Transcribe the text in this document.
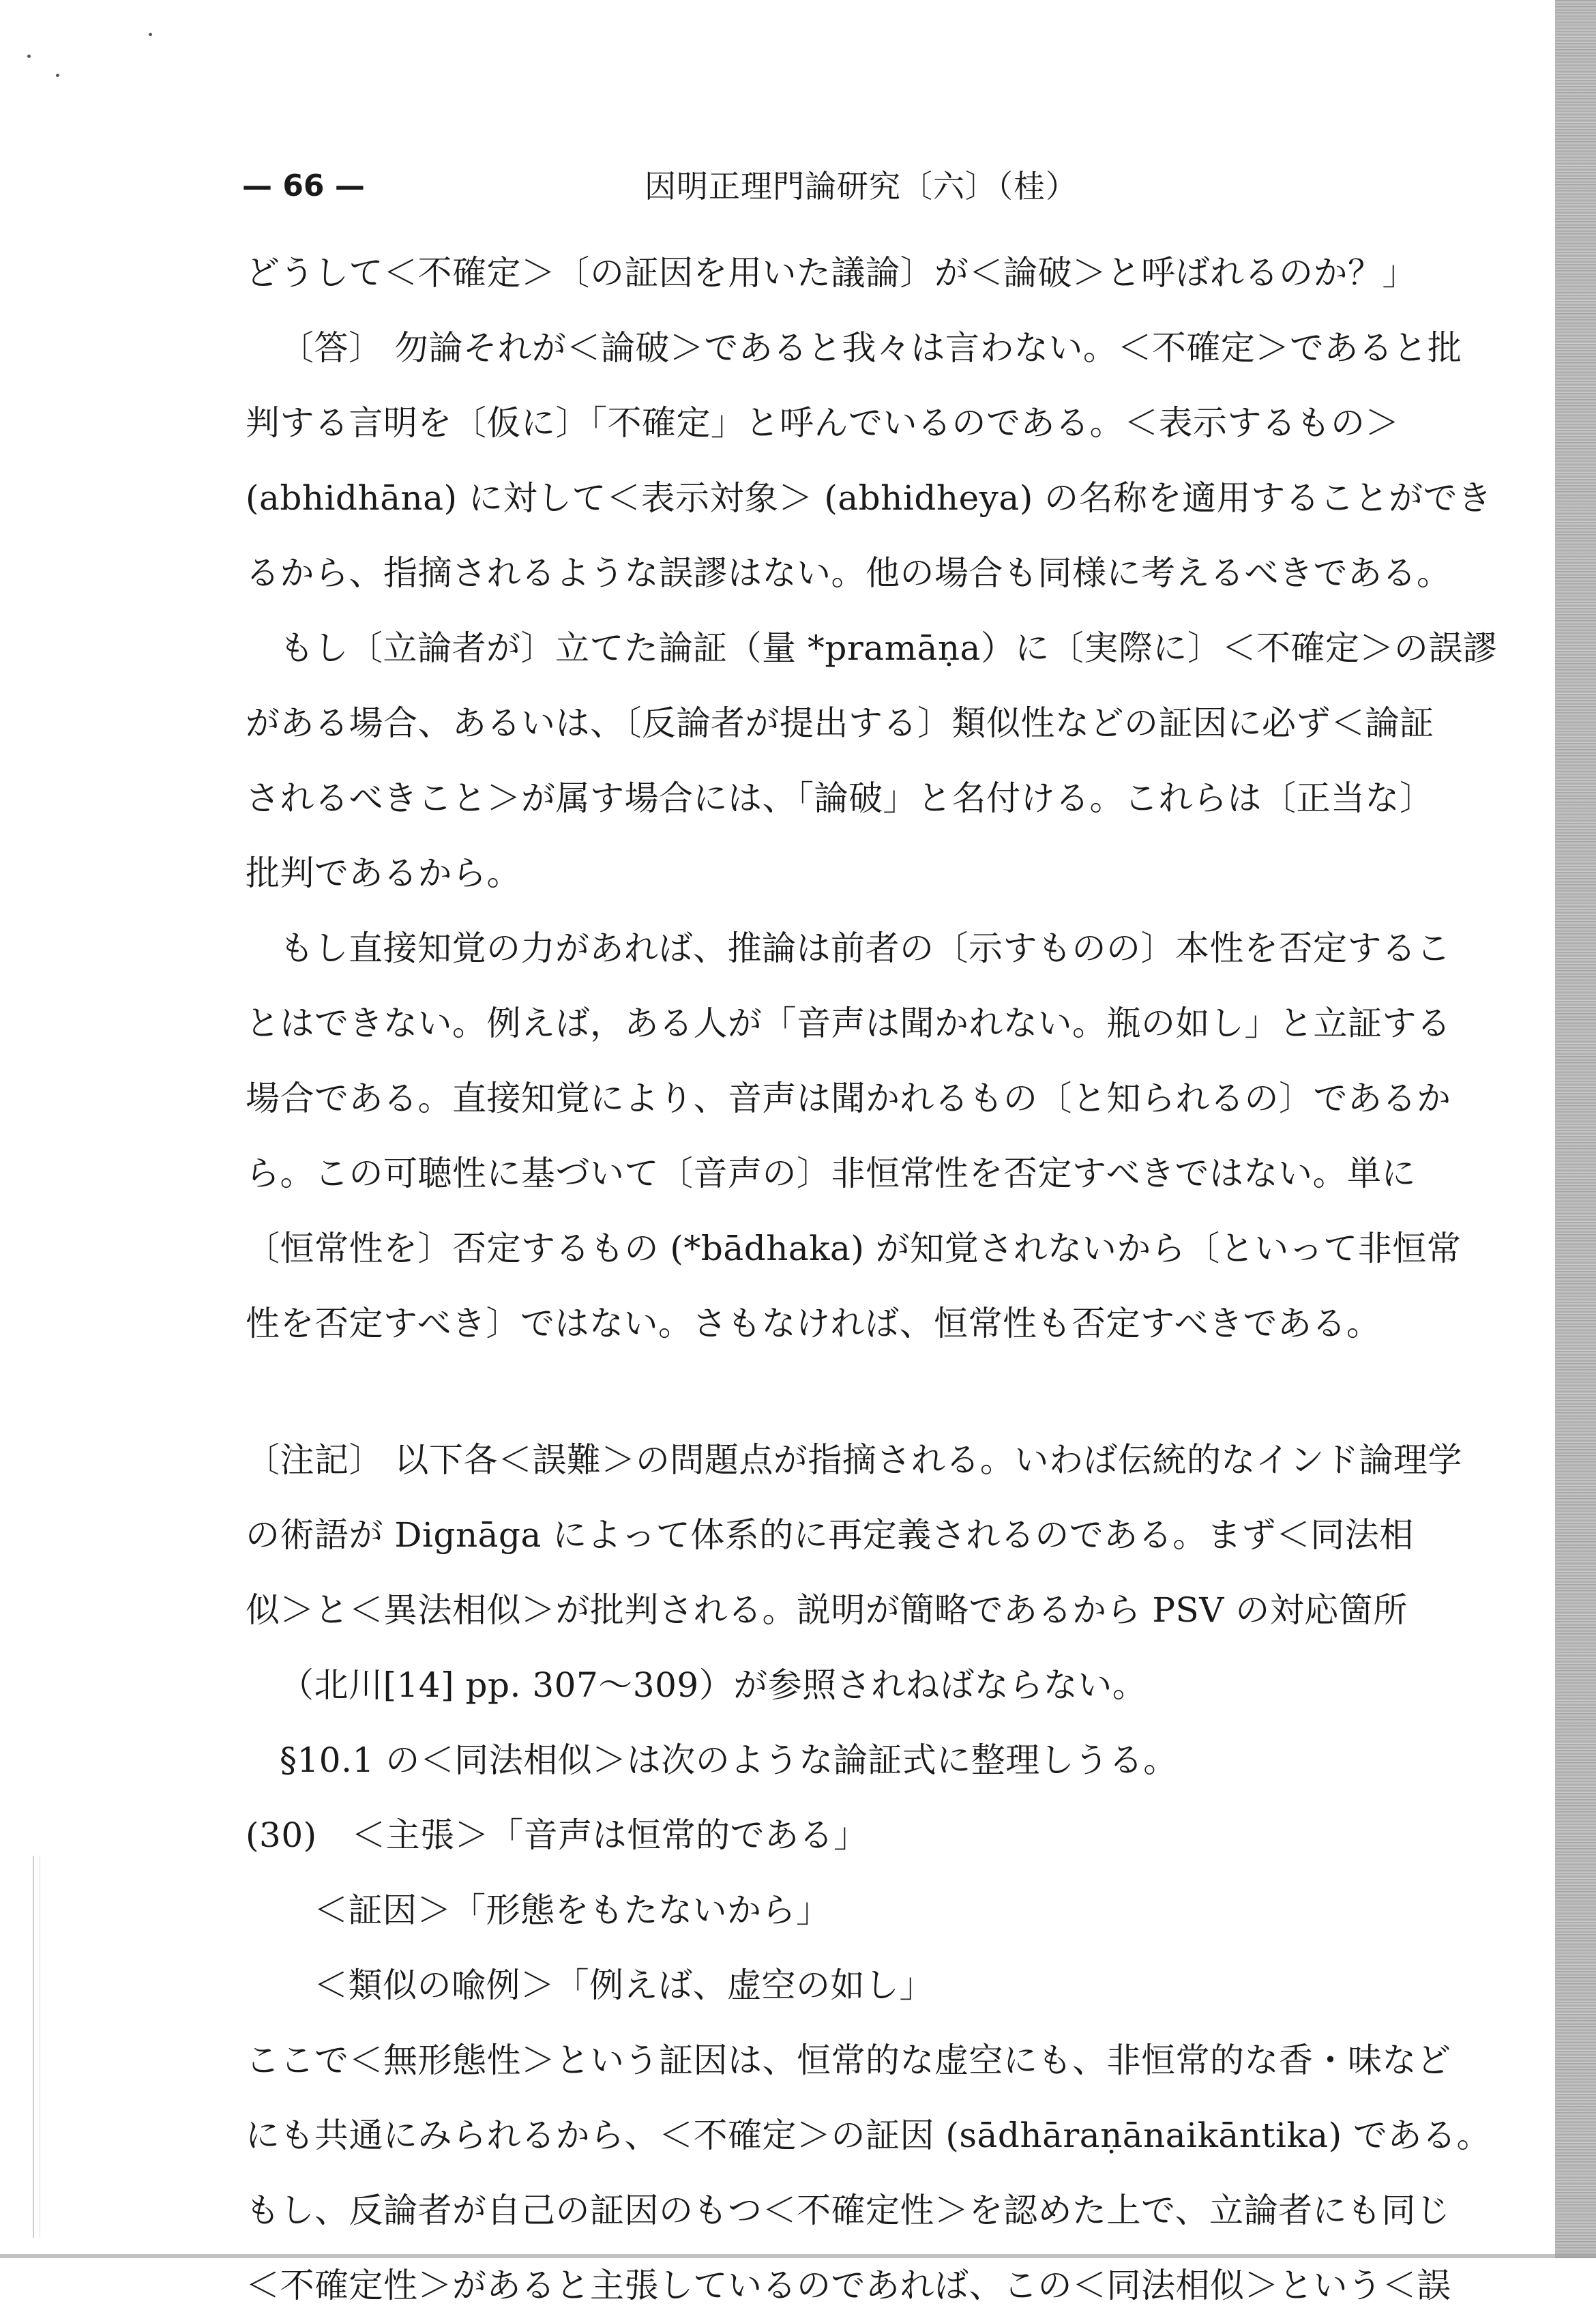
— 66 —	因明正理門論研究〔六〕（桂）
どうして＜不確定＞〔の証因を用いた議論〕が＜論破＞と呼ばれるのか？」
〔答〕 勿論それが＜論破＞であると我々は言わない。＜不確定＞であると批
判する言明を〔仮に〕「不確定」と呼んでいるのである。＜表示するもの＞
(abhidhāna) に対して＜表示対象＞ (abhidheya) の名称を適用することができ
るから、指摘されるような誤謬はない。他の場合も同様に考えるべきである。
もし〔立論者が〕立てた論証（量 *pramāṇa）に〔実際に〕＜不確定＞の誤謬
がある場合、あるいは、〔反論者が提出する〕類似性などの証因に必ず＜論証
されるべきこと＞が属す場合には、「論破」と名付ける。これらは〔正当な〕
批判であるから。
もし直接知覚の力があれば、推論は前者の〔示すものの〕本性を否定するこ
とはできない。例えば，ある人が「音声は聞かれない。瓶の如し」と立証する
場合である。直接知覚により、音声は聞かれるもの〔と知られるの〕であるか
ら。この可聴性に基づいて〔音声の〕非恒常性を否定すべきではない。単に
〔恒常性を〕否定するもの (*bādhaka) が知覚されないから〔といって非恒常
性を否定すべき〕ではない。さもなければ、恒常性も否定すべきである。
〔注記〕 以下各＜誤難＞の問題点が指摘される。いわば伝統的なインド論理学
の術語が Dignāga によって体系的に再定義されるのである。まず＜同法相
似＞と＜異法相似＞が批判される。説明が簡略であるから PSV の対応箇所
（北川[14] pp. 307〜309）が参照されねばならない。
§10.1 の＜同法相似＞は次のような論証式に整理しうる。
(30)　＜主張＞「音声は恒常的である」
＜証因＞「形態をもたないから」
＜類似の喩例＞「例えば、虚空の如し」
ここで＜無形態性＞という証因は、恒常的な虚空にも、非恒常的な香・味など
にも共通にみられるから、＜不確定＞の証因 (sādhāraṇānaikāntika) である。
もし、反論者が自己の証因のもつ＜不確定性＞を認めた上で、立論者にも同じ
＜不確定性＞があると主張しているのであれば、この＜同法相似＞という＜誤
